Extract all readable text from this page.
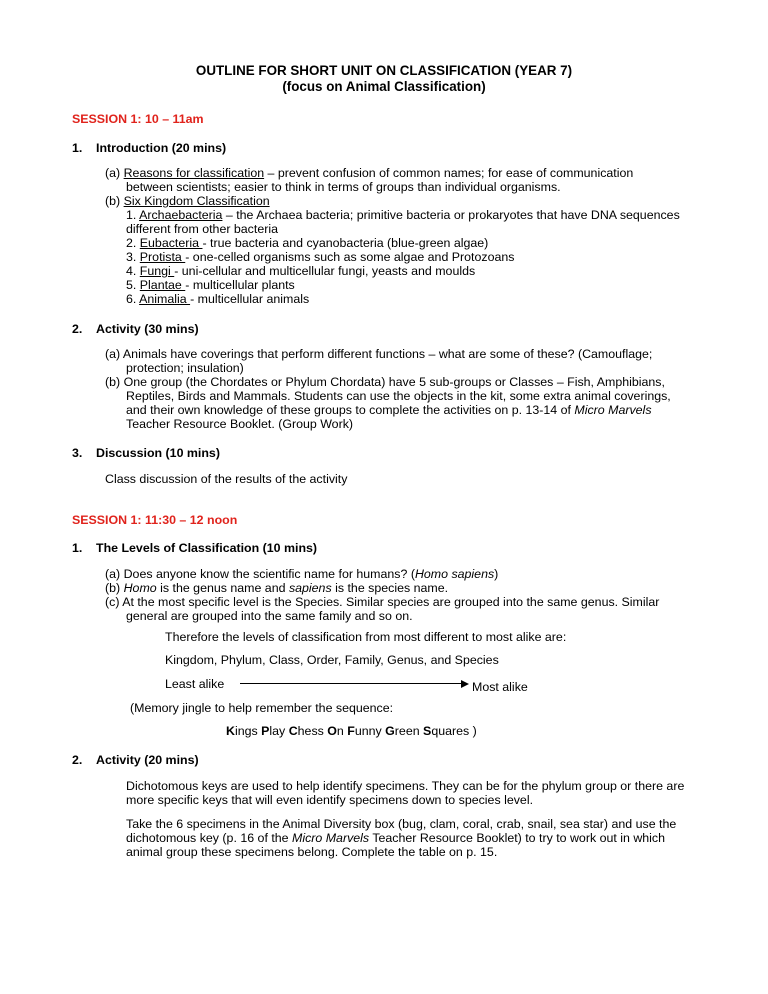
OUTLINE FOR SHORT UNIT ON CLASSIFICATION (YEAR 7)
(focus on Animal Classification)
SESSION 1: 10 – 11am
1. Introduction (20 mins)
(a) Reasons for classification – prevent confusion of common names; for ease of communication
between scientists; easier to think in terms of groups than individual organisms.
(b) Six Kingdom Classification
1. Archaebacteria – the Archaea bacteria; primitive bacteria or prokaryotes that have DNA sequences
different from other bacteria
2. Eubacteria - true bacteria and cyanobacteria (blue-green algae)
3. Protista - one-celled organisms such as some algae and Protozoans
4. Fungi - uni-cellular and multicellular fungi, yeasts and moulds
5. Plantae - multicellular plants
6. Animalia - multicellular animals
2. Activity (30 mins)
(a) Animals have coverings that perform different functions – what are some of these? (Camouflage;
protection; insulation)
(b) One group (the Chordates or Phylum Chordata) have 5 sub-groups or Classes – Fish, Amphibians,
Reptiles, Birds and Mammals. Students can use the objects in the kit, some extra animal coverings,
and their own knowledge of these groups to complete the activities on p. 13-14 of Micro Marvels
Teacher Resource Booklet. (Group Work)
3. Discussion (10 mins)
Class discussion of the results of the activity
SESSION 1: 11:30 – 12 noon
1. The Levels of Classification (10 mins)
(a) Does anyone know the scientific name for humans? (Homo sapiens)
(b) Homo is the genus name and sapiens is the species name.
(c) At the most specific level is the Species. Similar species are grouped into the same genus. Similar
general are grouped into the same family and so on.
Therefore the levels of classification from most different to most alike are:
Kingdom, Phylum, Class, Order, Family, Genus, and Species
Least alike	Most alike
(Memory jingle to help remember the sequence:
Kings Play Chess On Funny Green Squares )
2. Activity (20 mins)
Dichotomous keys are used to help identify specimens. They can be for the phylum group or there are
more specific keys that will even identify specimens down to species level.
Take the 6 specimens in the Animal Diversity box (bug, clam, coral, crab, snail, sea star) and use the
dichotomous key (p. 16 of the Micro Marvels Teacher Resource Booklet) to try to work out in which
animal group these specimens belong. Complete the table on p. 15.
